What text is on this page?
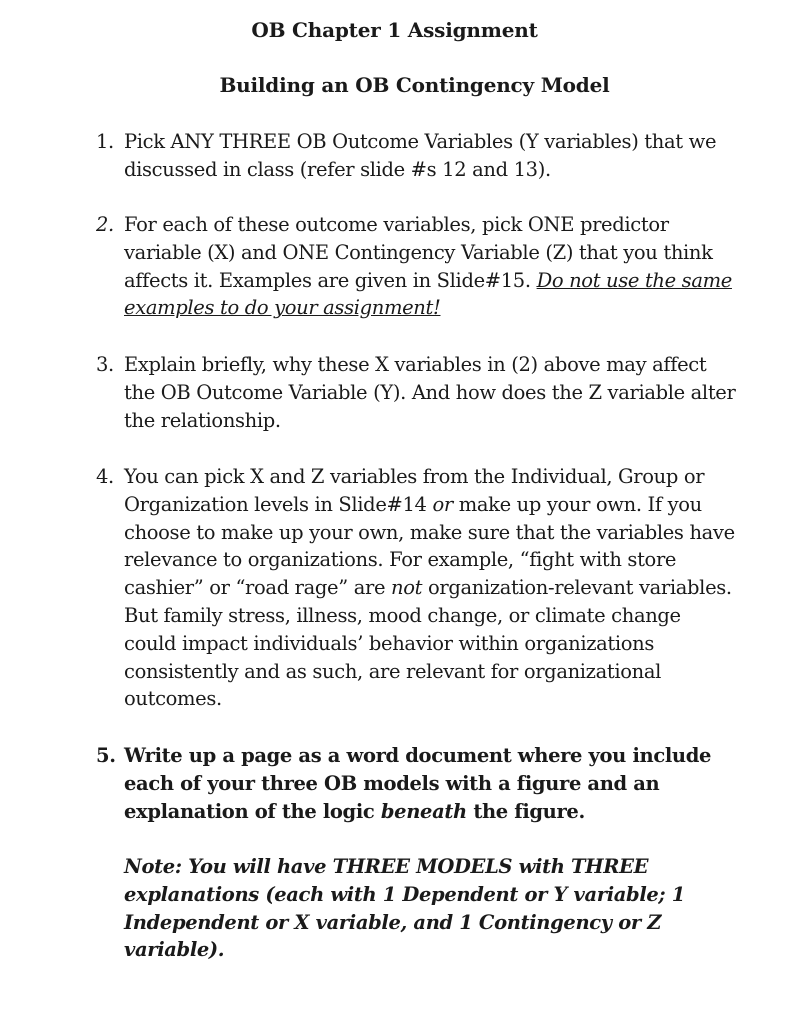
OB Chapter 1 Assignment
Building an OB Contingency Model
1. Pick ANY THREE OB Outcome Variables (Y variables) that we discussed in class (refer slide #s 12 and 13).
2. For each of these outcome variables, pick ONE predictor variable (X) and ONE Contingency Variable (Z) that you think affects it. Examples are given in Slide#15. Do not use the same examples to do your assignment!
3. Explain briefly, why these X variables in (2) above may affect the OB Outcome Variable (Y). And how does the Z variable alter the relationship.
4. You can pick X and Z variables from the Individual, Group or Organization levels in Slide#14 or make up your own. If you choose to make up your own, make sure that the variables have relevance to organizations. For example, “fight with store cashier” or “road rage” are not organization-relevant variables. But family stress, illness, mood change, or climate change could impact individuals’ behavior within organizations consistently and as such, are relevant for organizational outcomes.
5. Write up a page as a word document where you include each of your three OB models with a figure and an explanation of the logic beneath the figure.
Note: You will have THREE MODELS with THREE explanations (each with 1 Dependent or Y variable; 1 Independent or X variable, and 1 Contingency or Z variable).
